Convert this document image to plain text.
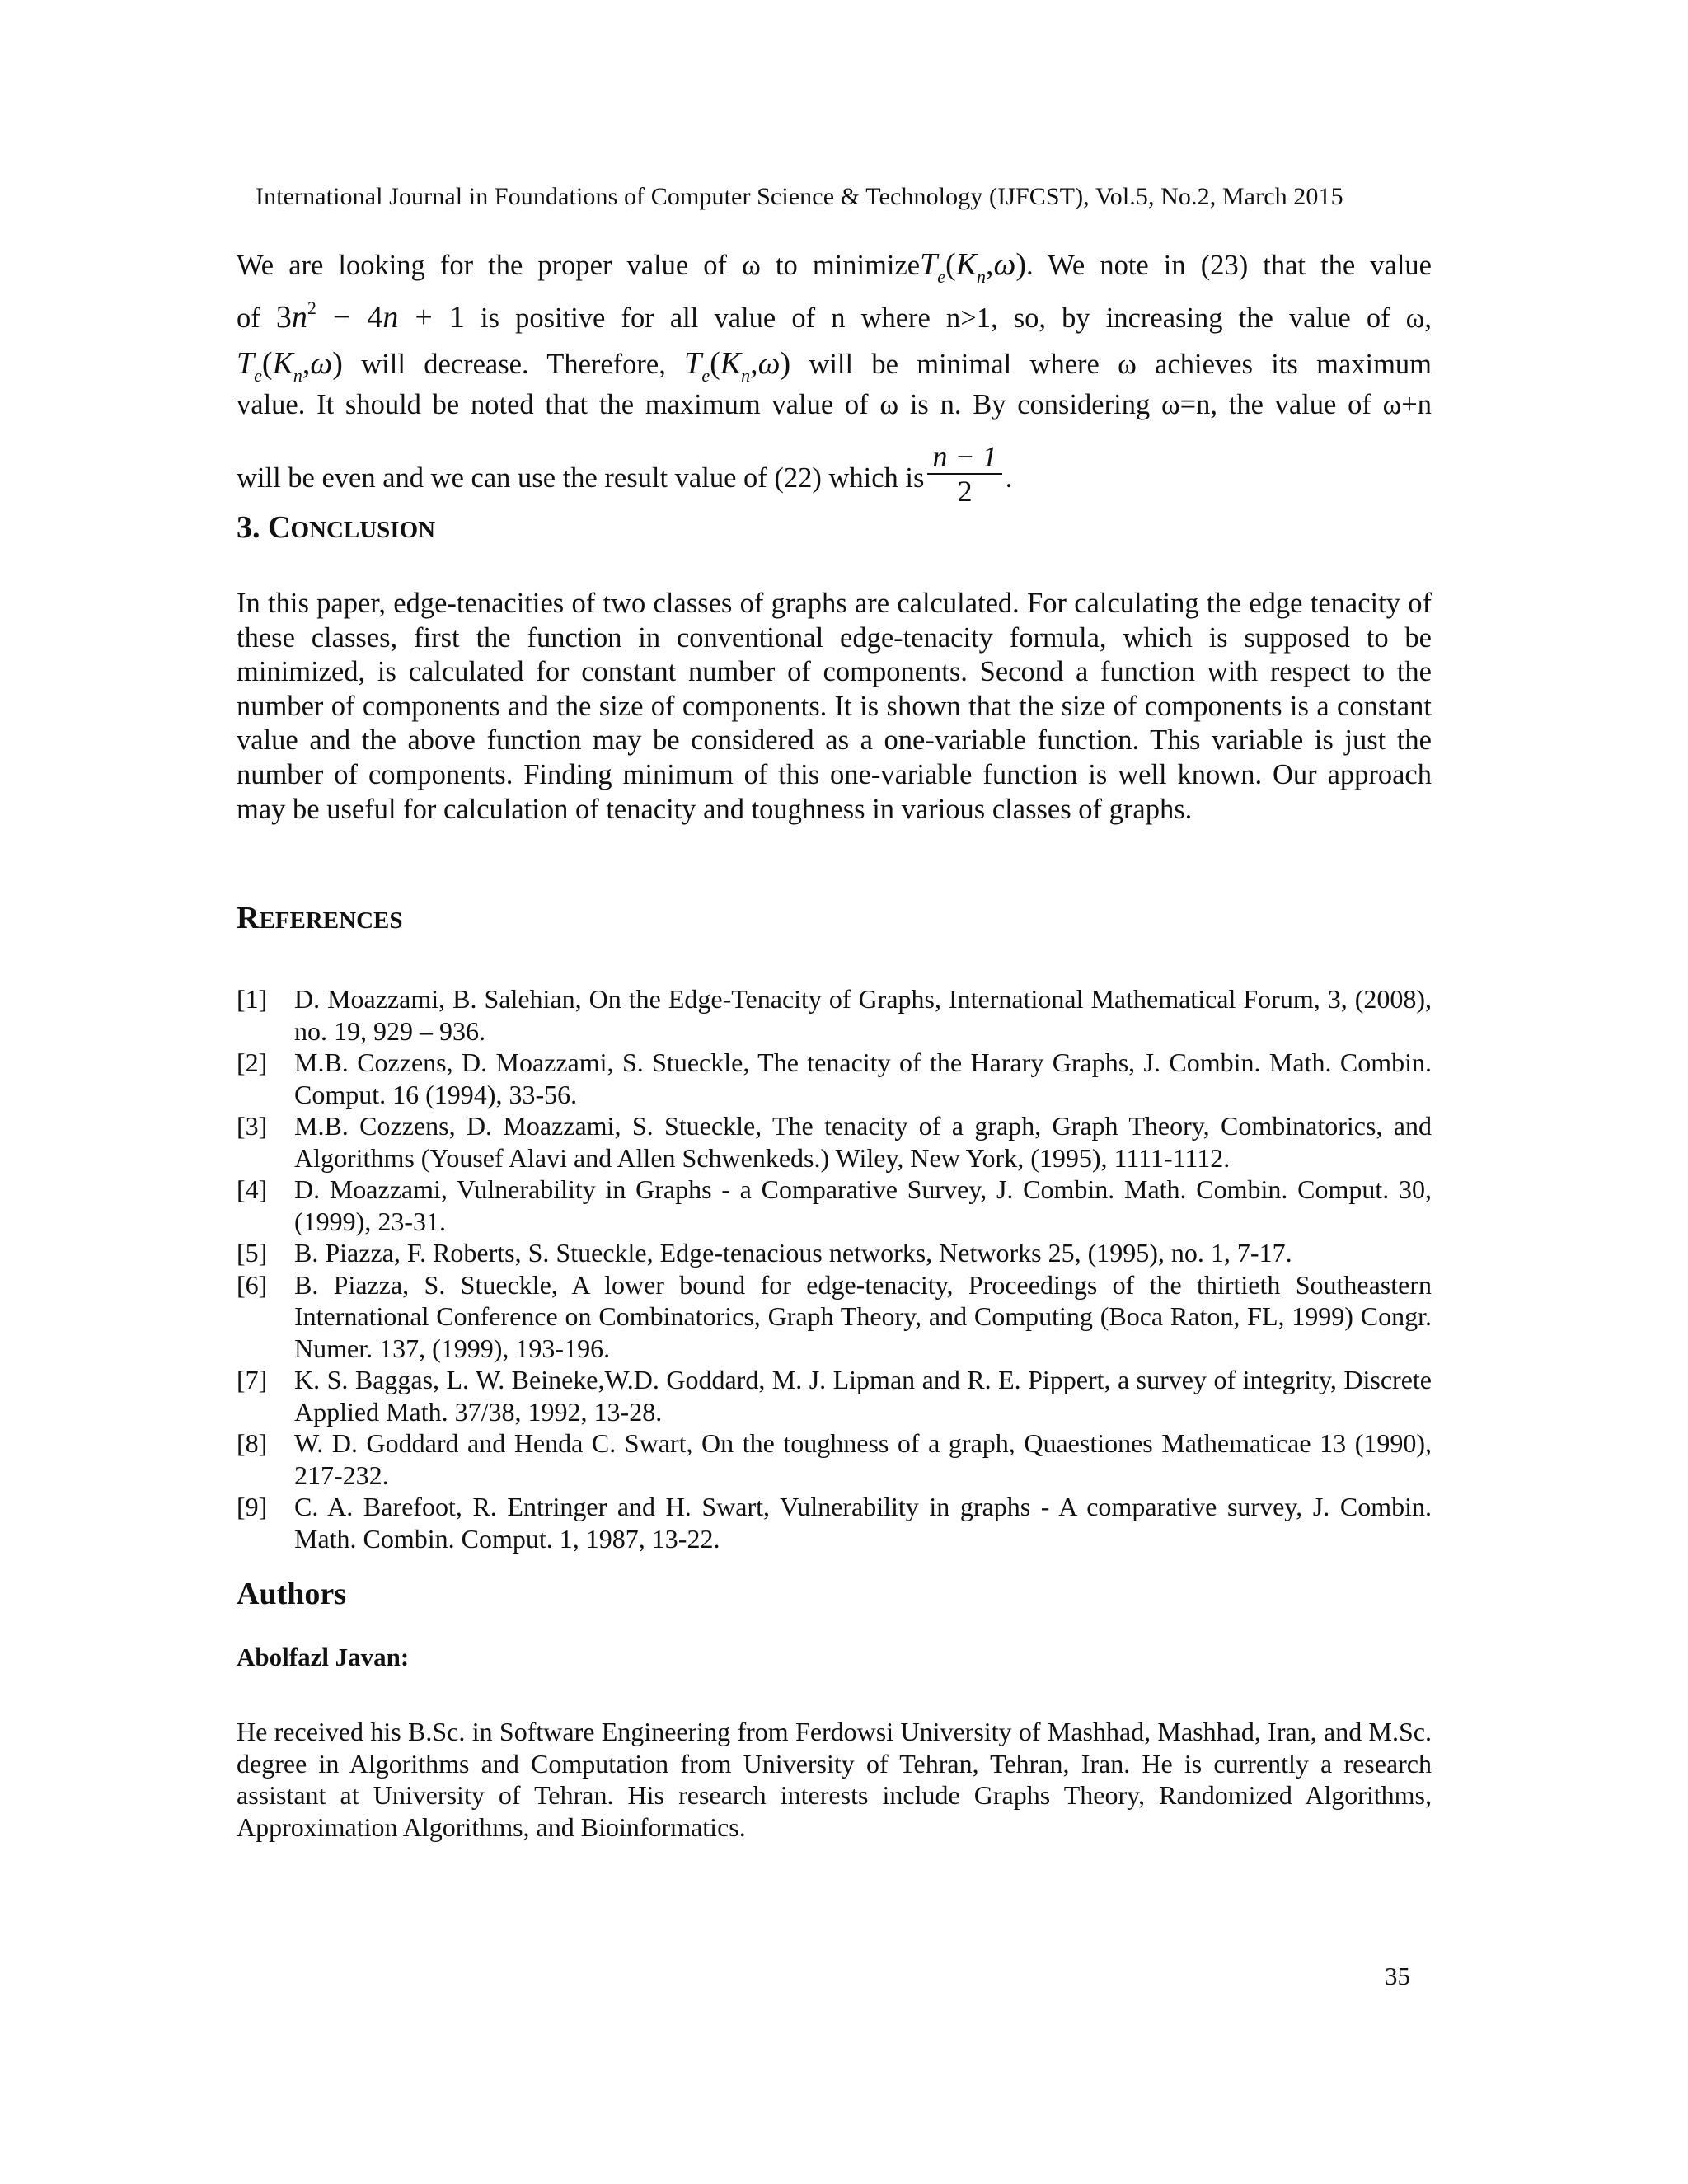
International Journal in Foundations of Computer Science & Technology (IJFCST), Vol.5, No.2, March 2015
We are looking for the proper value of ω to $minimizeT_e(K_n,\omega)$. We note in (23) that the value
of $3n^2 - 4n + 1$ is positive for all value of n where n>1, so, by increasing the value of ω,
$T_e(K_n,\omega)$ will decrease. Therefore, $T_e(K_n,\omega)$ will be minimal where ω achieves its maximum
value. It should be noted that the maximum value of ω is n. By considering ω=n, the value of ω+n
will be even and we can use the result value of (22) which is $\frac{n - 1}{2}$ .
3. CONCLUSION
In this paper, edge-tenacities of two classes of graphs are calculated. For calculating the edge tenacity of these classes, first the function in conventional edge-tenacity formula, which is supposed to be minimized, is calculated for constant number of components. Second a function with respect to the number of components and the size of components. It is shown that the size of components is a constant value and the above function may be considered as a one-variable function. This variable is just the number of components. Finding minimum of this one-variable function is well known. Our approach may be useful for calculation of tenacity and toughness in various classes of graphs.
REFERENCES
[1]	D. Moazzami, B. Salehian, On the Edge-Tenacity of Graphs, International Mathematical Forum, 3, (2008), no. 19, 929 – 936.
[2]	M.B. Cozzens, D. Moazzami, S. Stueckle, The tenacity of the Harary Graphs, J. Combin. Math. Combin. Comput. 16 (1994), 33-56.
[3]	M.B. Cozzens, D. Moazzami, S. Stueckle, The tenacity of a graph, Graph Theory, Combinatorics, and Algorithms (Yousef Alavi and Allen Schwenkeds.) Wiley, New York, (1995), 1111-1112.
[4]	D. Moazzami, Vulnerability in Graphs - a Comparative Survey, J. Combin. Math. Combin. Comput. 30, (1999), 23-31.
[5]	B. Piazza, F. Roberts, S. Stueckle, Edge-tenacious networks, Networks 25, (1995), no. 1, 7-17.
[6]	B. Piazza, S. Stueckle, A lower bound for edge-tenacity, Proceedings of the thirtieth Southeastern International Conference on Combinatorics, Graph Theory, and Computing (Boca Raton, FL, 1999) Congr. Numer. 137, (1999), 193-196.
[7]	K. S. Baggas, L. W. Beineke,W.D. Goddard, M. J. Lipman and R. E. Pippert, a survey of integrity, Discrete Applied Math. 37/38, 1992, 13-28.
[8]	W. D. Goddard and Henda C. Swart, On the toughness of a graph, Quaestiones Mathematicae 13 (1990), 217-232.
[9]	C. A. Barefoot, R. Entringer and H. Swart, Vulnerability in graphs - A comparative survey, J. Combin. Math. Combin. Comput. 1, 1987, 13-22.
Authors
Abolfazl Javan:
He received his B.Sc. in Software Engineering from Ferdowsi University of Mashhad, Mashhad, Iran, and M.Sc. degree in Algorithms and Computation from University of Tehran, Tehran, Iran. He is currently a research assistant at University of Tehran. His research interests include Graphs Theory, Randomized Algorithms, Approximation Algorithms, and Bioinformatics.
35
